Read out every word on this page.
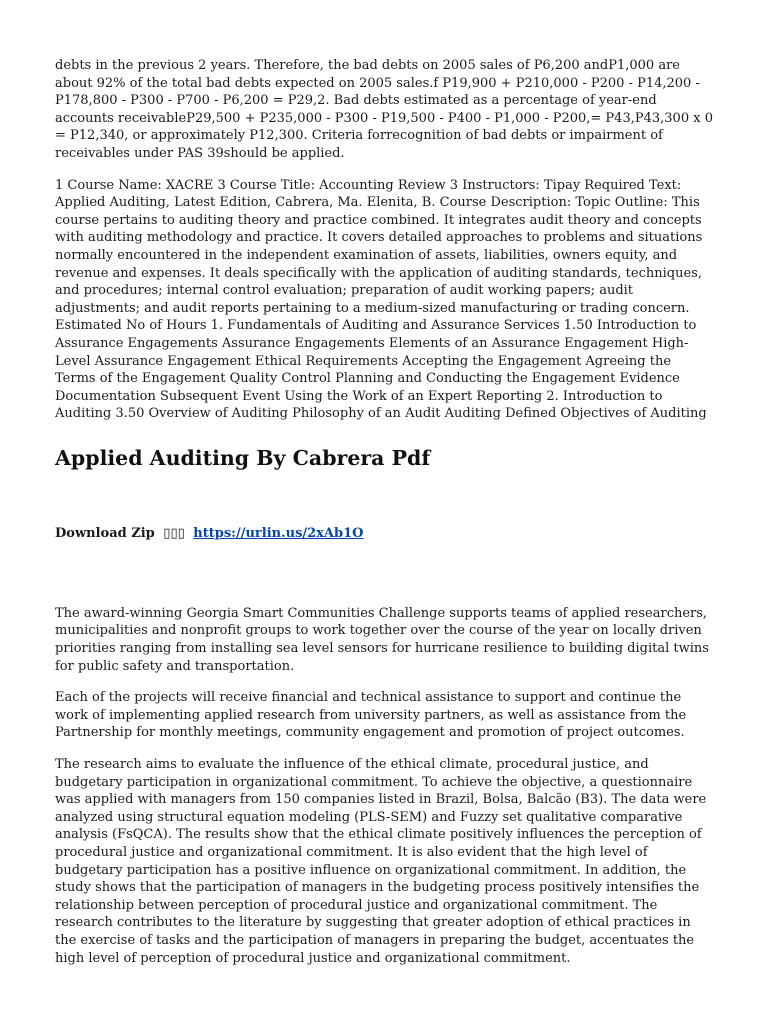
debts in the previous 2 years. Therefore, the bad debts on 2005 sales of P6,200 andP1,000 are about 92% of the total bad debts expected on 2005 sales.f P19,900 + P210,000 - P200 - P14,200 - P178,800 - P300 - P700 - P6,200 = P29,2. Bad debts estimated as a percentage of year-end accounts receivableP29,500 + P235,000 - P300 - P19,500 - P400 - P1,000 - P200,= P43,P43,300 x 0 = P12,340, or approximately P12,300. Criteria forrecognition of bad debts or impairment of receivables under PAS 39should be applied.

1 Course Name: XACRE 3 Course Title: Accounting Review 3 Instructors: Tipay Required Text: Applied Auditing, Latest Edition, Cabrera, Ma. Elenita, B. Course Description: Topic Outline: This course pertains to auditing theory and practice combined. It integrates audit theory and concepts with auditing methodology and practice. It covers detailed approaches to problems and situations normally encountered in the independent examination of assets, liabilities, owners equity, and revenue and expenses. It deals specifically with the application of auditing standards, techniques, and procedures; internal control evaluation; preparation of audit working papers; audit adjustments; and audit reports pertaining to a medium-sized manufacturing or trading concern. Estimated No of Hours 1. Fundamentals of Auditing and Assurance Services 1.50 Introduction to Assurance Engagements Assurance Engagements Elements of an Assurance Engagement High-Level Assurance Engagement Ethical Requirements Accepting the Engagement Agreeing the Terms of the Engagement Quality Control Planning and Conducting the Engagement Evidence Documentation Subsequent Event Using the Work of an Expert Reporting 2. Introduction to Auditing 3.50 Overview of Auditing Philosophy of an Audit Auditing Defined Objectives of Auditing

Applied Auditing By Cabrera Pdf
Download Zip ▯▯▯ https://urlin.us/2xAb1O

The award-winning Georgia Smart Communities Challenge supports teams of applied researchers, municipalities and nonprofit groups to work together over the course of the year on locally driven priorities ranging from installing sea level sensors for hurricane resilience to building digital twins for public safety and transportation.

Each of the projects will receive financial and technical assistance to support and continue the work of implementing applied research from university partners, as well as assistance from the Partnership for monthly meetings, community engagement and promotion of project outcomes.

The research aims to evaluate the influence of the ethical climate, procedural justice, and budgetary participation in organizational commitment. To achieve the objective, a questionnaire was applied with managers from 150 companies listed in Brazil, Bolsa, Balcão (B3). The data were analyzed using structural equation modeling (PLS-SEM) and Fuzzy set qualitative comparative analysis (FsQCA). The results show that the ethical climate positively influences the perception of procedural justice and organizational commitment. It is also evident that the high level of budgetary participation has a positive influence on organizational commitment. In addition, the study shows that the participation of managers in the budgeting process positively intensifies the relationship between perception of procedural justice and organizational commitment. The research contributes to the literature by suggesting that greater adoption of ethical practices in the exercise of tasks and the participation of managers in preparing the budget, accentuates the high level of perception of procedural justice and organizational commitment.
